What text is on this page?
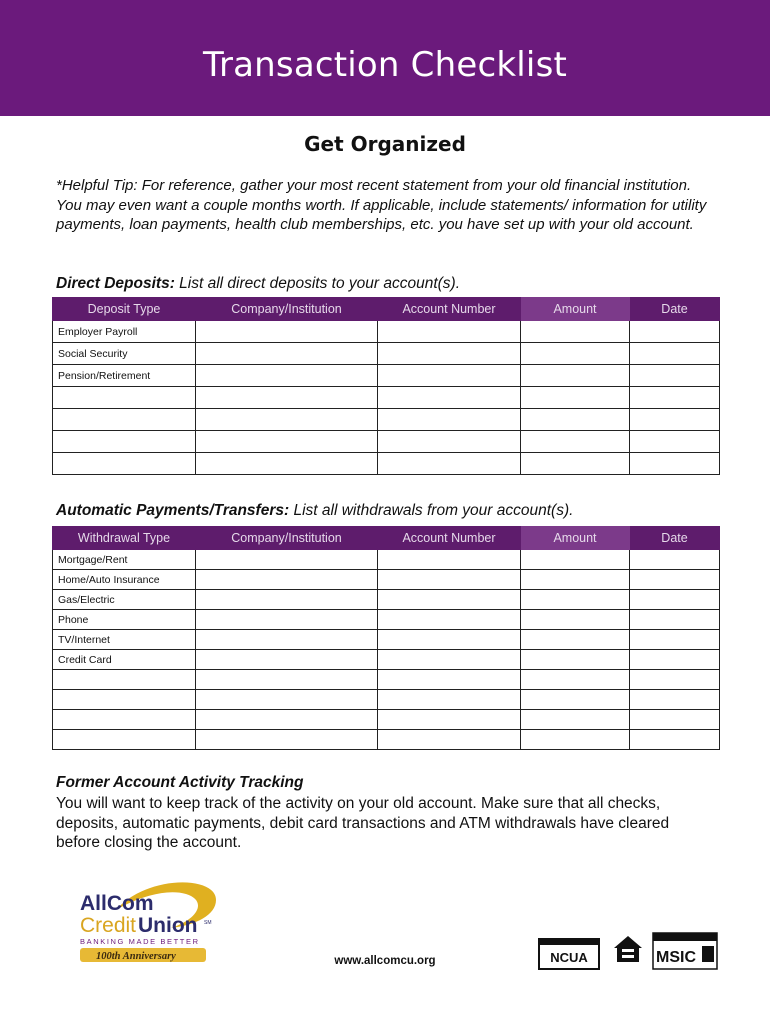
Transaction Checklist
Get Organized
*Helpful Tip: For reference, gather your most recent statement from your old financial institution. You may even want a couple months worth. If applicable, include statements/ information for utility payments, loan payments, health club memberships, etc. you have set up with your old account.
Direct Deposits: List all direct deposits to your account(s).
Deposit Type	Company/Institution	Account Number	Amount	Date
Employer Payroll				
Social Security				
Pension/Retirement				

Automatic Payments/Transfers: List all withdrawals from your account(s).
Withdrawal Type	Company/Institution	Account Number	Amount	Date
Mortgage/Rent				
Home/Auto Insurance				
Gas/Electric				
Phone				
TV/Internet				
Credit Card				

Former Account Activity Tracking
You will want to keep track of the activity on your old account. Make sure that all checks, deposits, automatic payments, debit card transactions and ATM withdrawals have cleared before closing the account.
AllCom
Credit Union SM
BANKING MADE BETTER
100th Anniversary	www.allcomcu.org	NCUA	MSIC
